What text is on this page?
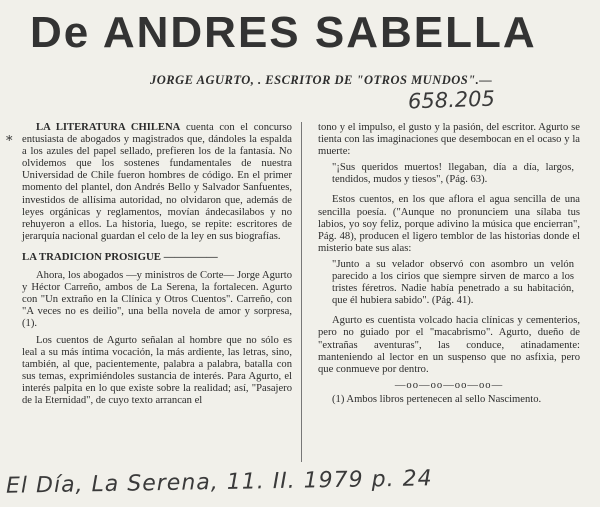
De ANDRES SABELLA
JORGE AGURTO, . ESCRITOR DE "OTROS MUNDOS".—
658.205
*

LA LITERATURA CHILENA cuenta con el concurso entusiasta de abogados y magistrados que, dándoles la espalda a los azules del papel sellado, prefieren los de la fantasía. No olvidemos que los sostenes fundamentales de nuestra Universidad de Chile fueron hombres de código. En el primer momento del plantel, don Andrés Bello y Salvador Sanfuentes, investidos de allísima autoridad, no olvidaron que, además de leyes orgánicas y reglamentos, movían ándecasilabos y no rehuyeron a ellos. La historia, luego, se repite: escritores de jerarquía nacional guardan el celo de la ley en sus biografías.

LA TRADICION PROSIGUE —————

Ahora, los abogados —y ministros de Corte— Jorge Agurto y Héctor Carreño, ambos de La Serena, la fortalecen. Agurto con "Un extraño en la Clínica y Otros Cuentos". Carreño, con "A veces no es deilio", una bella novela de amor y sorpresa, (1).

Los cuentos de Agurto señalan al hombre que no sólo es leal a su más íntima vocación, la más ardiente, las letras, sino, también, al que, pacientemente, palabra a palabra, batalla con sus temas, exprimiéndoles sustancia de interés. Para Agurto, el interés palpita en lo que existe sobre la realidad; así, "Pasajero de la Eternidad", de cuyo texto arrancan el

tono y el impulso, el gusto y la pasión, del escritor. Agurto se tienta con las imaginaciones que desembocan en el ocaso y la muerte:

"¡Sus queridos muertos! llegaban, día a día, largos, tendidos, mudos y tiesos", (Pág. 63).

Estos cuentos, en los que aflora el agua sencilla de una sencilla poesía. ("Aunque no pronunciem una sílaba tus labios, yo soy feliz, porque adivino la música que encierran", Pág. 48), producen el ligero temblor de las historias donde el misterio bate sus alas:

"Junto a su velador observó con asombro un velón parecido a los cirios que siempre sirven de marco a los tristes féretros. Nadie había penetrado a su habitación, que él hubiera sabido". (Pág. 41).

Agurto es cuentista volcado hacia clínicas y cementerios, pero no guiado por el "macabrismo". Agurto, dueño de "extrañas aventuras", las conduce, atinadamente: manteniendo al lector en un suspenso que no asfixia, pero que conmueve por dentro.

—oo—oo—oo—oo—

(1) Ambos libros pertenecen al sello Nascimento.

El Día, La Serena, 11. II. 1979 p. 24
